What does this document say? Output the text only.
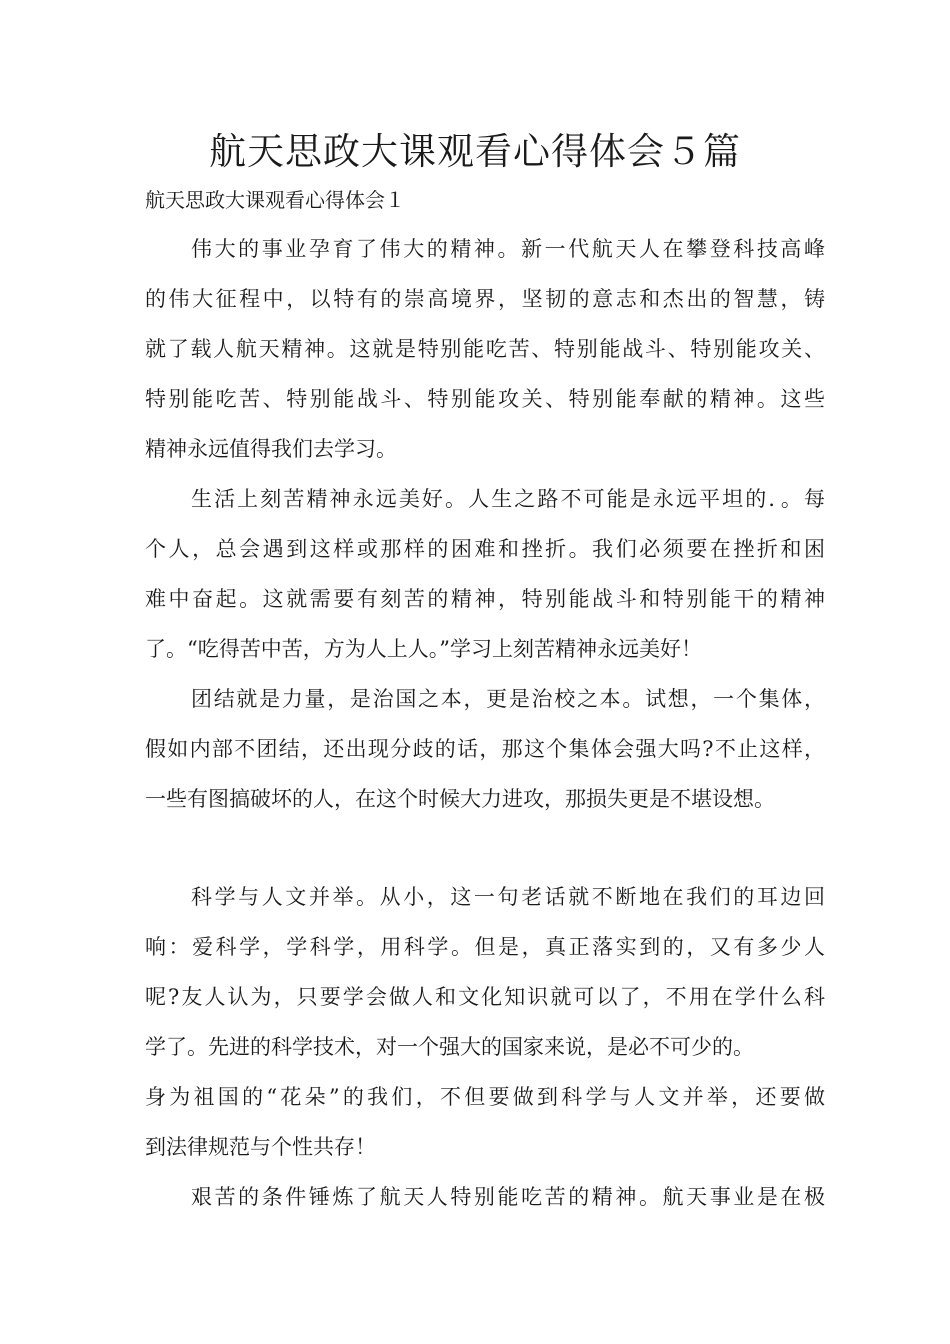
航天思政大课观看心得体会５篇

航天思政大课观看心得体会１

伟大的事业孕育了伟大的精神。新一代航天人在攀登科技高峰
的伟大征程中，以特有的崇高境界，坚韧的意志和杰出的智慧，铸
就了载人航天精神。这就是特别能吃苦、特别能战斗、特别能攻关、
特别能吃苦、特别能战斗、特别能攻关、特别能奉献的精神。这些
精神永远值得我们去学习。
生活上刻苦精神永远美好。人生之路不可能是永远平坦的．。每
个人，总会遇到这样或那样的困难和挫折。我们必须要在挫折和困
难中奋起。这就需要有刻苦的精神，特别能战斗和特别能干的精神
了。“吃得苦中苦，方为人上人。”学习上刻苦精神永远美好！
团结就是力量，是治国之本，更是治校之本。试想，一个集体，
假如内部不团结，还出现分歧的话，那这个集体会强大吗?不止这样，
一些有图搞破坏的人，在这个时候大力进攻，那损失更是不堪设想。
科学与人文并举。从小，这一句老话就不断地在我们的耳边回
响：爱科学，学科学，用科学。但是，真正落实到的，又有多少人
呢?友人认为，只要学会做人和文化知识就可以了，不用在学什么科
学了。先进的科学技术，对一个强大的国家来说，是必不可少的。
身为祖国的“花朵”的我们，不但要做到科学与人文并举，还要做
到法律规范与个性共存！
艰苦的条件锤炼了航天人特别能吃苦的精神。航天事业是在极
